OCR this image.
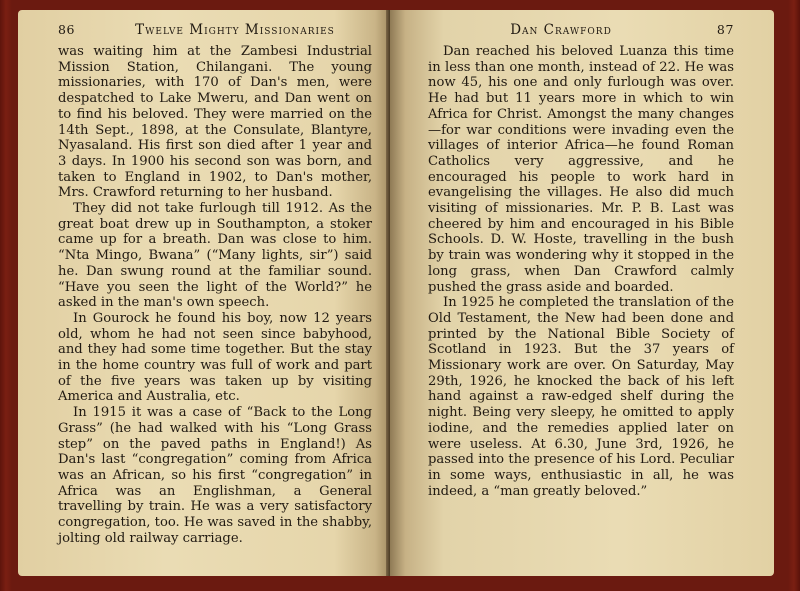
86	Twelve Mighty Missionaries

was waiting him at the Zambesi Industrial Mission Station, Chilangani. The young missionaries, with 170 of Dan's men, were despatched to Lake Mweru, and Dan went on to find his beloved. They were married on the 14th Sept., 1898, at the Consulate, Blantyre, Nyasaland. His first son died after 1 year and 3 days. In 1900 his second son was born, and taken to England in 1902, to Dan's mother, Mrs. Crawford returning to her husband.

They did not take furlough till 1912. As the great boat drew up in Southampton, a stoker came up for a breath. Dan was close to him. “Nta Mingo, Bwana” (“Many lights, sir”) said he. Dan swung round at the familiar sound. “Have you seen the light of the World?” he asked in the man's own speech.

In Gourock he found his boy, now 12 years old, whom he had not seen since babyhood, and they had some time together. But the stay in the home country was full of work and part of the five years was taken up by visiting America and Australia, etc.

In 1915 it was a case of “Back to the Long Grass” (he had walked with his “Long Grass step” on the paved paths in England!) As Dan's last “congregation” coming from Africa was an African, so his first “congregation” in Africa was an Englishman, a General travelling by train. He was a very satisfactory congregation, too. He was saved in the shabby, jolting old railway carriage.

Dan Crawford	87

Dan reached his beloved Luanza this time in less than one month, instead of 22. He was now 45, his one and only furlough was over. He had but 11 years more in which to win Africa for Christ. Amongst the many changes—for war conditions were invading even the villages of interior Africa—he found Roman Catholics very aggressive, and he encouraged his people to work hard in evangelising the villages. He also did much visiting of missionaries. Mr. P. B. Last was cheered by him and encouraged in his Bible Schools. D. W. Hoste, travelling in the bush by train was wondering why it stopped in the long grass, when Dan Crawford calmly pushed the grass aside and boarded.

In 1925 he completed the translation of the Old Testament, the New had been done and printed by the National Bible Society of Scotland in 1923. But the 37 years of Missionary work are over. On Saturday, May 29th, 1926, he knocked the back of his left hand against a raw-edged shelf during the night. Being very sleepy, he omitted to apply iodine, and the remedies applied later on were useless. At 6.30, June 3rd, 1926, he passed into the presence of his Lord. Peculiar in some ways, enthusiastic in all, he was indeed, a “man greatly beloved.”
